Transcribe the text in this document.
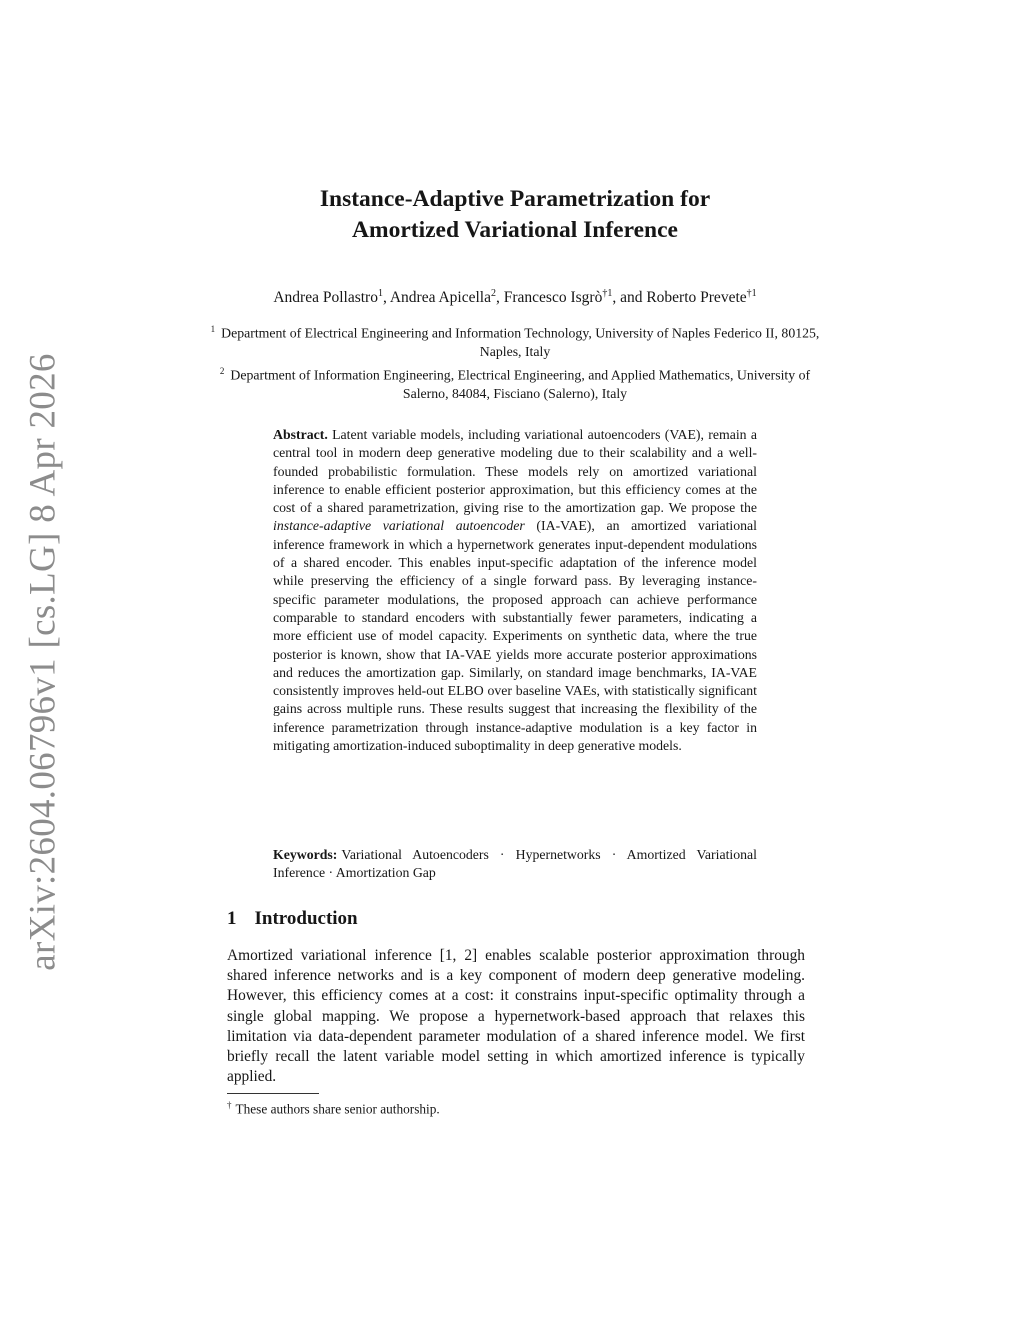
arXiv:2604.06796v1 [cs.LG] 8 Apr 2026
Instance-Adaptive Parametrization for
Amortized Variational Inference
Andrea Pollastro$^1$, Andrea Apicella$^2$, Francesco Isgrò$^{\dagger 1}$, and Roberto Prevete$^{\dagger 1}$
$^1$ Department of Electrical Engineering and Information Technology, University of Naples Federico II, 80125, Naples, Italy
$^2$ Department of Information Engineering, Electrical Engineering, and Applied Mathematics, University of Salerno, 84084, Fisciano (Salerno), Italy
Abstract. Latent variable models, including variational autoencoders (VAE), remain a central tool in modern deep generative modeling due to their scalability and a well-founded probabilistic formulation. These models rely on amortized variational inference to enable efficient posterior approximation, but this efficiency comes at the cost of a shared parametrization, giving rise to the amortization gap. We propose the instance-adaptive variational autoencoder (IA-VAE), an amortized variational inference framework in which a hypernetwork generates input-dependent modulations of a shared encoder. This enables input-specific adaptation of the inference model while preserving the efficiency of a single forward pass. By leveraging instance-specific parameter modulations, the proposed approach can achieve performance comparable to standard encoders with substantially fewer parameters, indicating a more efficient use of model capacity. Experiments on synthetic data, where the true posterior is known, show that IA-VAE yields more accurate posterior approximations and reduces the amortization gap. Similarly, on standard image benchmarks, IA-VAE consistently improves held-out ELBO over baseline VAEs, with statistically significant gains across multiple runs. These results suggest that increasing the flexibility of the inference parametrization through instance-adaptive modulation is a key factor in mitigating amortization-induced suboptimality in deep generative models.
Keywords: Variational Autoencoders · Hypernetworks · Amortized Variational Inference · Amortization Gap
1 Introduction

Amortized variational inference [1, 2] enables scalable posterior approximation through shared inference networks and is a key component of modern deep generative modeling. However, this efficiency comes at a cost: it constrains input-specific optimality through a single global mapping. We propose a hypernetwork-based approach that relaxes this limitation via data-dependent parameter modulation of a shared inference model. We first briefly recall the latent variable model setting in which amortized inference is typically applied.

† These authors share senior authorship.
